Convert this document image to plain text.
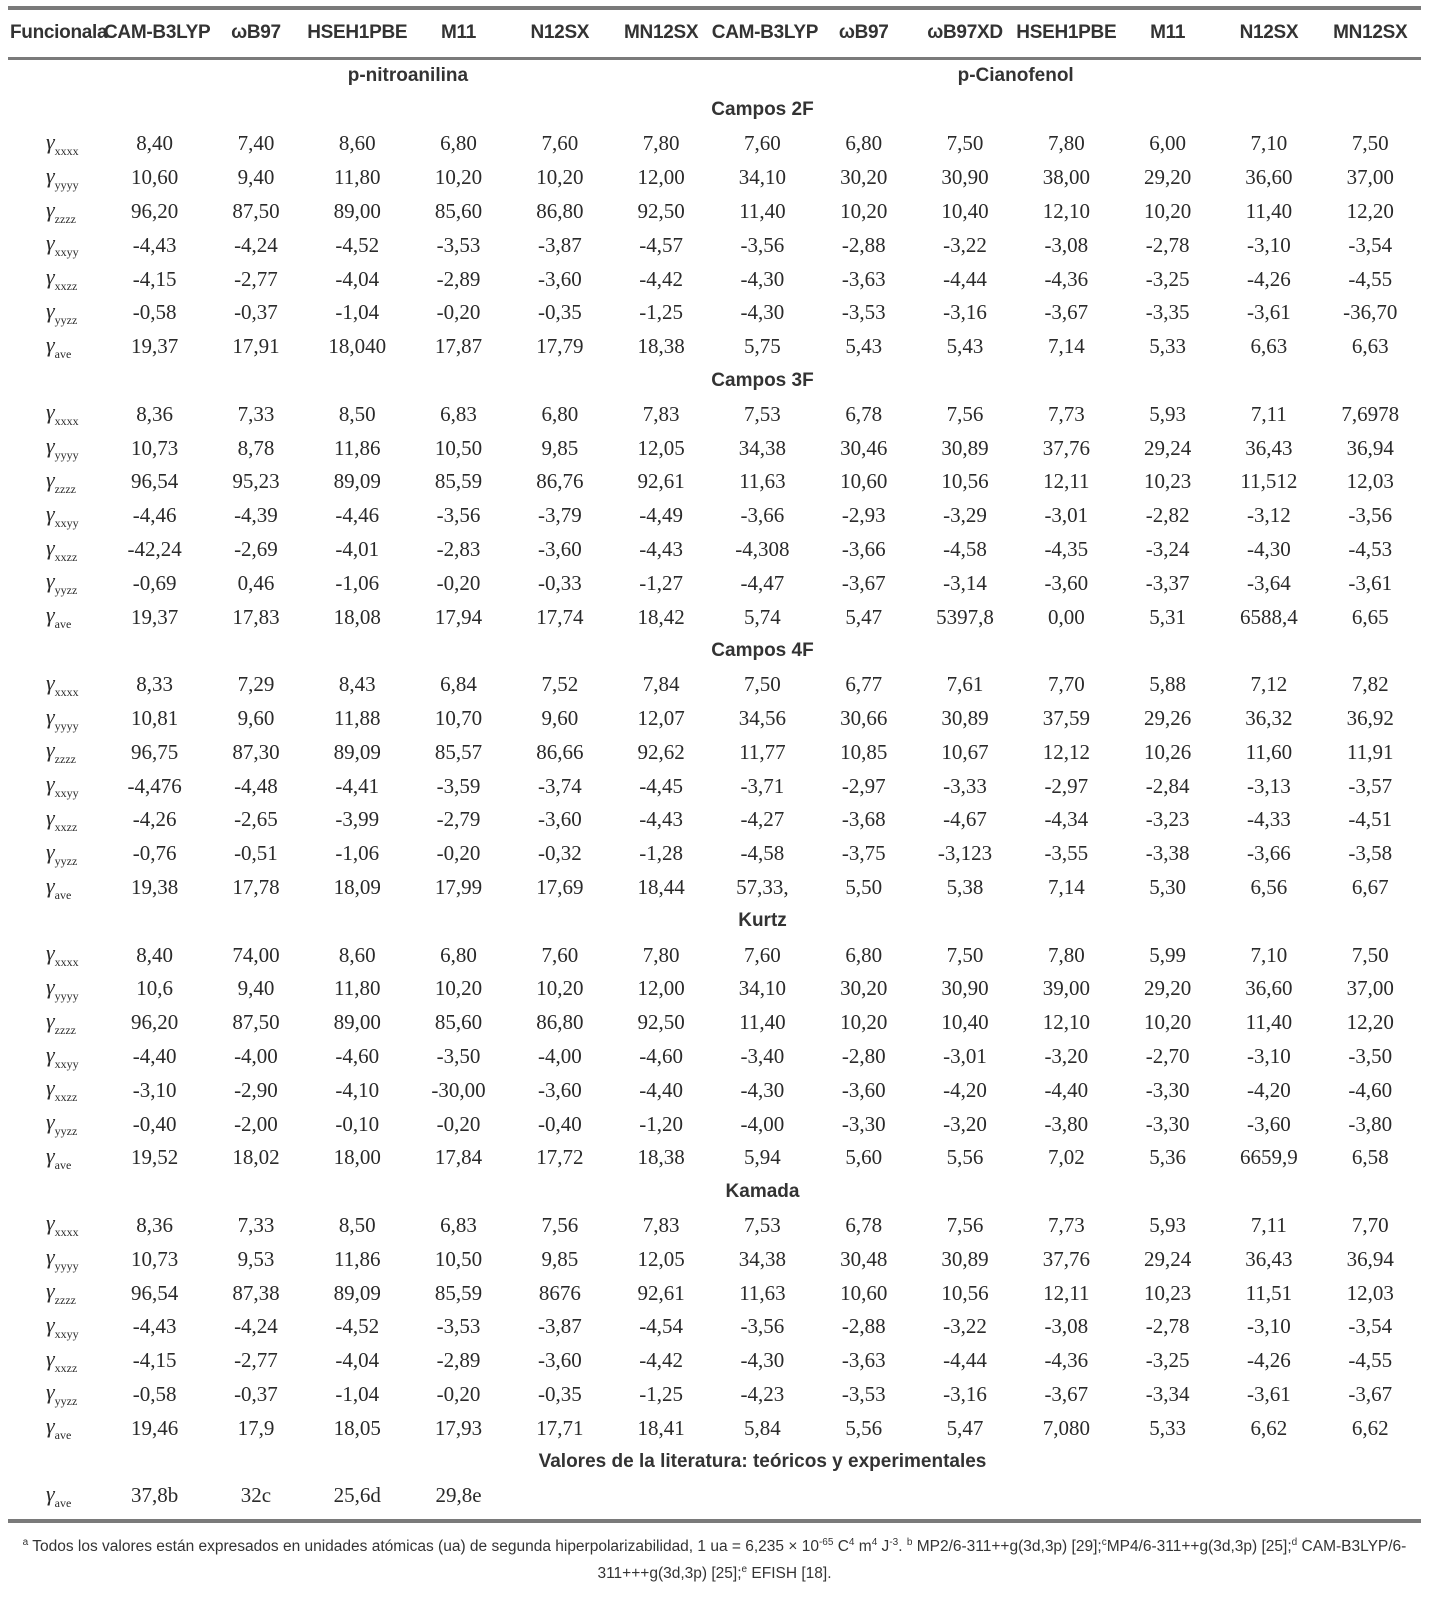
Funcionala	CAM-B3LYP	ωB97	HSEH1PBE	M11	N12SX	MN12SX	CAM-B3LYP	ωB97	ωB97XD	HSEH1PBE	M11	N12SX	MN12SX
	p-nitroanilina						p-Cianofenol						
	Campos 2F												
$\gamma_{xxxx}$	8,40	7,40	8,60	6,80	7,60	7,80	7,60	6,80	7,50	7,80	6,00	7,10	7,50
$\gamma_{yyyy}$	10,60	9,40	11,80	10,20	10,20	12,00	34,10	30,20	30,90	38,00	29,20	36,60	37,00
$\gamma_{zzzz}$	96,20	87,50	89,00	85,60	86,80	92,50	11,40	10,20	10,40	12,10	10,20	11,40	12,20
$\gamma_{xxyy}$	-4,43	-4,24	-4,52	-3,53	-3,87	-4,57	-3,56	-2,88	-3,22	-3,08	-2,78	-3,10	-3,54
$\gamma_{xxzz}$	-4,15	-2,77	-4,04	-2,89	-3,60	-4,42	-4,30	-3,63	-4,44	-4,36	-3,25	-4,26	-4,55
$\gamma_{yyzz}$	-0,58	-0,37	-1,04	-0,20	-0,35	-1,25	-4,30	-3,53	-3,16	-3,67	-3,35	-3,61	-36,70
$\gamma_{ave}$	19,37	17,91	18,040	17,87	17,79	18,38	5,75	5,43	5,43	7,14	5,33	6,63	6,63
	Campos 3F												
$\gamma_{xxxx}$	8,36	7,33	8,50	6,83	6,80	7,83	7,53	6,78	7,56	7,73	5,93	7,11	7,6978
$\gamma_{yyyy}$	10,73	8,78	11,86	10,50	9,85	12,05	34,38	30,46	30,89	37,76	29,24	36,43	36,94
$\gamma_{zzzz}$	96,54	95,23	89,09	85,59	86,76	92,61	11,63	10,60	10,56	12,11	10,23	11,512	12,03
$\gamma_{xxyy}$	-4,46	-4,39	-4,46	-3,56	-3,79	-4,49	-3,66	-2,93	-3,29	-3,01	-2,82	-3,12	-3,56
$\gamma_{xxzz}$	-42,24	-2,69	-4,01	-2,83	-3,60	-4,43	-4,308	-3,66	-4,58	-4,35	-3,24	-4,30	-4,53
$\gamma_{yyzz}$	-0,69	0,46	-1,06	-0,20	-0,33	-1,27	-4,47	-3,67	-3,14	-3,60	-3,37	-3,64	-3,61
$\gamma_{ave}$	19,37	17,83	18,08	17,94	17,74	18,42	5,74	5,47	5397,8	0,00	5,31	6588,4	6,65
	Campos 4F												
$\gamma_{xxxx}$	8,33	7,29	8,43	6,84	7,52	7,84	7,50	6,77	7,61	7,70	5,88	7,12	7,82
$\gamma_{yyyy}$	10,81	9,60	11,88	10,70	9,60	12,07	34,56	30,66	30,89	37,59	29,26	36,32	36,92
$\gamma_{zzzz}$	96,75	87,30	89,09	85,57	86,66	92,62	11,77	10,85	10,67	12,12	10,26	11,60	11,91
$\gamma_{xxyy}$	-4,476	-4,48	-4,41	-3,59	-3,74	-4,45	-3,71	-2,97	-3,33	-2,97	-2,84	-3,13	-3,57
$\gamma_{xxzz}$	-4,26	-2,65	-3,99	-2,79	-3,60	-4,43	-4,27	-3,68	-4,67	-4,34	-3,23	-4,33	-4,51
$\gamma_{yyzz}$	-0,76	-0,51	-1,06	-0,20	-0,32	-1,28	-4,58	-3,75	-3,123	-3,55	-3,38	-3,66	-3,58
$\gamma_{ave}$	19,38	17,78	18,09	17,99	17,69	18,44	57,33,	5,50	5,38	7,14	5,30	6,56	6,67
	Kurtz												
$\gamma_{xxxx}$	8,40	74,00	8,60	6,80	7,60	7,80	7,60	6,80	7,50	7,80	5,99	7,10	7,50
$\gamma_{yyyy}$	10,6	9,40	11,80	10,20	10,20	12,00	34,10	30,20	30,90	39,00	29,20	36,60	37,00
$\gamma_{zzzz}$	96,20	87,50	89,00	85,60	86,80	92,50	11,40	10,20	10,40	12,10	10,20	11,40	12,20
$\gamma_{xxyy}$	-4,40	-4,00	-4,60	-3,50	-4,00	-4,60	-3,40	-2,80	-3,01	-3,20	-2,70	-3,10	-3,50
$\gamma_{xxzz}$	-3,10	-2,90	-4,10	-30,00	-3,60	-4,40	-4,30	-3,60	-4,20	-4,40	-3,30	-4,20	-4,60
$\gamma_{yyzz}$	-0,40	-2,00	-0,10	-0,20	-0,40	-1,20	-4,00	-3,30	-3,20	-3,80	-3,30	-3,60	-3,80
$\gamma_{ave}$	19,52	18,02	18,00	17,84	17,72	18,38	5,94	5,60	5,56	7,02	5,36	6659,9	6,58
	Kamada												
$\gamma_{xxxx}$	8,36	7,33	8,50	6,83	7,56	7,83	7,53	6,78	7,56	7,73	5,93	7,11	7,70
$\gamma_{yyyy}$	10,73	9,53	11,86	10,50	9,85	12,05	34,38	30,48	30,89	37,76	29,24	36,43	36,94
$\gamma_{zzzz}$	96,54	87,38	89,09	85,59	8676	92,61	11,63	10,60	10,56	12,11	10,23	11,51	12,03
$\gamma_{xxyy}$	-4,43	-4,24	-4,52	-3,53	-3,87	-4,54	-3,56	-2,88	-3,22	-3,08	-2,78	-3,10	-3,54
$\gamma_{xxzz}$	-4,15	-2,77	-4,04	-2,89	-3,60	-4,42	-4,30	-3,63	-4,44	-4,36	-3,25	-4,26	-4,55
$\gamma_{yyzz}$	-0,58	-0,37	-1,04	-0,20	-0,35	-1,25	-4,23	-3,53	-3,16	-3,67	-3,34	-3,61	-3,67
$\gamma_{ave}$	19,46	17,9	18,05	17,93	17,71	18,41	5,84	5,56	5,47	7,080	5,33	6,62	6,62
	Valores de la literatura: teóricos y experimentales												
$\gamma_{ave}$	37,8b	32c	25,6d	29,8e									
$^a$ Todos los valores están expresados en unidades atómicas (ua) de segunda hiperpolarizabilidad, 1 ua = $6,235 \times 10^{-65}$ $C^4$ $m^4$ $J^{-3}$. $^b$ MP2/6-311++g(3d,3p) [29];$^c$MP4/6-311++g(3d,3p) [25];$^d$ CAM-B3LYP/6-311+++g(3d,3p) [25];$^e$ EFISH [18].
